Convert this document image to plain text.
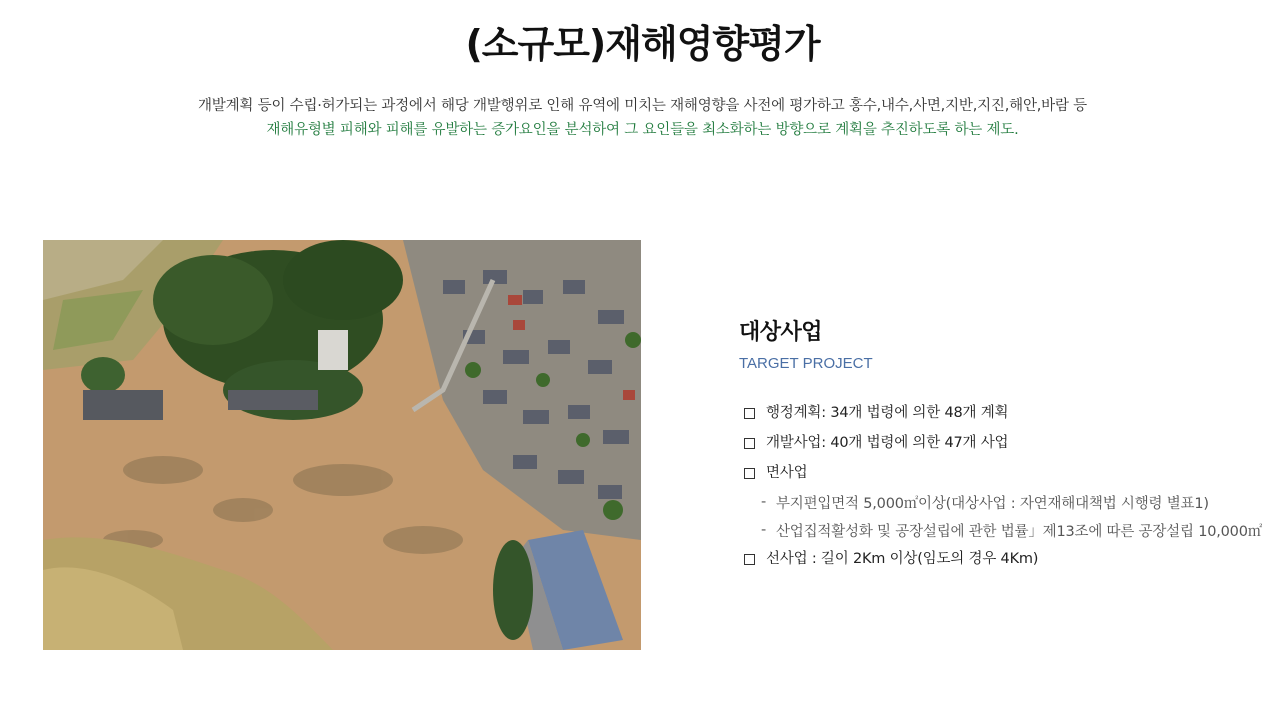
(소규모)재해영향평가
개발계획 등이 수립·허가되는 과정에서 해당 개발행위로 인해 유역에 미치는 재해영향을 사전에 평가하고 홍수,내수,사면,지반,지진,해안,바람 등
재해유형별 피해와 피해를 유발하는 증가요인을 분석하여 그 요인들을 최소화하는 방향으로 계획을 추진하도록 하는 제도.
대상사업
TARGET PROJECT
행정계획: 34개 법령에 의한 48개 계획
개발사업: 40개 법령에 의한 47개 사업
면사업
- 부지편입면적 5,000㎡이상(대상사업 : 자연재해대책법 시행령 별표1)
- 산업집적활성화 및 공장설립에 관한 법률」제13조에 따른 공장설립 10,000㎡
선사업 : 길이 2Km 이상(임도의 경우 4Km)
